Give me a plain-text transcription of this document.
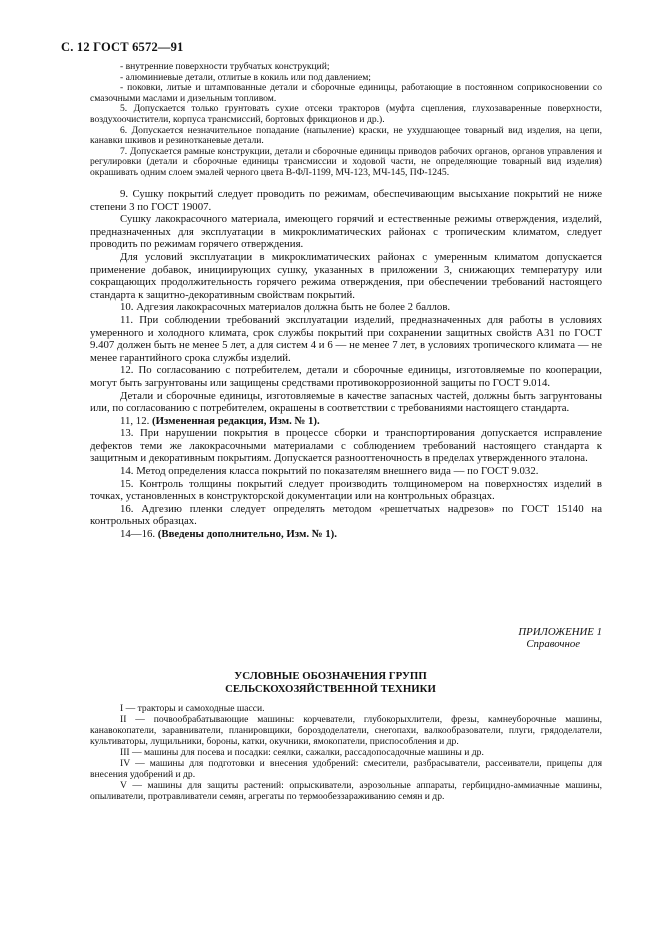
С. 12 ГОСТ 6572—91

- внутренние поверхности трубчатых конструкций;

- алюминиевые детали, отлитые в кокиль или под давлением;

- поковки, литые и штампованные детали и сборочные единицы, работающие в постоянном соприкосновении со смазочными маслами и дизельным топливом.

5. Допускается только грунтовать сухие отсеки тракторов (муфта сцепления, глухозаваренные поверхности, воздухоочистители, корпуса трансмиссий, бортовых фрикционов и др.).

6. Допускается незначительное попадание (напыление) краски, не ухудшающее товарный вид изделия, на цепи, канавки шкивов и резинотканевые детали.

7. Допускается рамные конструкции, детали и сборочные единицы приводов рабочих органов, органов управления и регулировки (детали и сборочные единицы трансмиссии и ходовой части, не определяющие товарный вид изделия) окрашивать одним слоем эмалей черного цвета В-ФЛ-1199, МЧ-123, МЧ-145, ПФ-1245.

9. Сушку покрытий следует проводить по режимам, обеспечивающим высыхание покрытий не ниже степени 3 по ГОСТ 19007.

Сушку лакокрасочного материала, имеющего горячий и естественные режимы отверждения, изделий, предназначенных для эксплуатации в микроклиматических районах с тропическим климатом, следует проводить по режимам горячего отверждения.

Для условий эксплуатации в микроклиматических районах с умеренным климатом допускается применение добавок, инициирующих сушку, указанных в приложении 3, снижающих температуру или сокращающих продолжительность горячего режима отверждения, при обеспечении требований настоящего стандарта к защитно-декоративным свойствам покрытий.

10. Адгезия лакокрасочных материалов должна быть не более 2 баллов.

11. При соблюдении требований эксплуатации изделий, предназначенных для работы в условиях умеренного и холодного климата, срок службы покрытий при сохранении защитных свойств А31 по ГОСТ 9.407 должен быть не менее 5 лет, а для систем 4 и 6 — не менее 7 лет, в условиях тропического климата — не менее гарантийного срока службы изделий.

12. По согласованию с потребителем, детали и сборочные единицы, изготовляемые по кооперации, могут быть загрунтованы или защищены средствами противокоррозионной защиты по ГОСТ 9.014.

Детали и сборочные единицы, изготовляемые в качестве запасных частей, должны быть загрунтованы или, по согласованию с потребителем, окрашены в соответствии с требованиями настоящего стандарта.

11, 12. (Измененная редакция, Изм. № 1).

13. При нарушении покрытия в процессе сборки и транспортирования допускается исправление дефектов теми же лакокрасочными материалами с соблюдением требований настоящего стандарта к защитным и декоративным покрытиям. Допускается разнооттеночность в пределах утвержденного эталона.

14. Метод определения класса покрытий по показателям внешнего вида — по ГОСТ 9.032.

15. Контроль толщины покрытий следует производить толщиномером на поверхностях изделий в точках, установленных в конструкторской документации или на контрольных образцах.

16. Адгезию пленки следует определять методом «решетчатых надрезов» по ГОСТ 15140 на контрольных образцах.

14—16. (Введены дополнительно, Изм. № 1).

ПРИЛОЖЕНИЕ 1
Справочное
УСЛОВНЫЕ ОБОЗНАЧЕНИЯ ГРУПП
СЕЛЬСКОХОЗЯЙСТВЕННОЙ ТЕХНИКИ

I — тракторы и самоходные шасси.

II — почвообрабатывающие машины: корчеватели, глубокорыхлители, фрезы, камнеуборочные машины, канавокопатели, заравниватели, планировщики, бороздоделатели, снегопахи, валкообразователи, плуги, грядоделатели, культиваторы, лущильники, бороны, катки, окучники, ямокопатели, приспособления и др.

III — машины для посева и посадки: сеялки, сажалки, рассадопосадочные машины и др.

IV — машины для подготовки и внесения удобрений: смесители, разбрасыватели, рассеиватели, прицепы для внесения удобрений и др.

V — машины для защиты растений: опрыскиватели, аэрозольные аппараты, гербицидно-аммиачные машины, опыливатели, протравливатели семян, агрегаты по термообеззараживанию семян и др.
